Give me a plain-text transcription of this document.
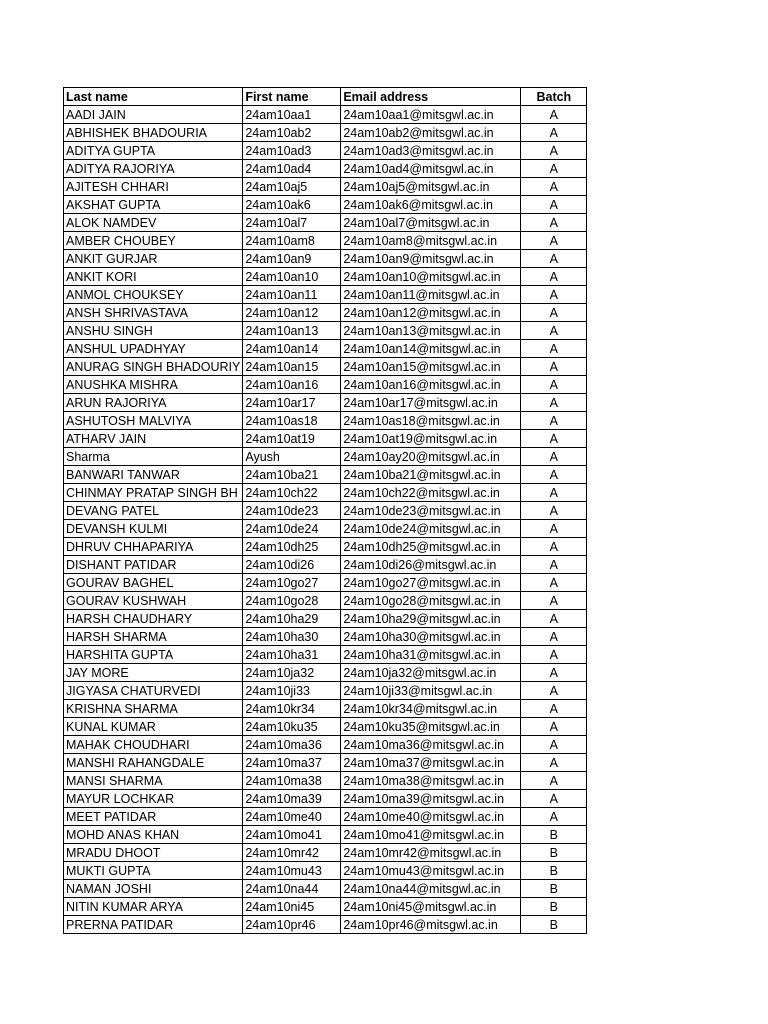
Last name	First name	Email address	Batch
AADI JAIN	24am10aa1	24am10aa1@mitsgwl.ac.in	A
ABHISHEK BHADOURIA	24am10ab2	24am10ab2@mitsgwl.ac.in	A
ADITYA GUPTA	24am10ad3	24am10ad3@mitsgwl.ac.in	A
ADITYA RAJORIYA	24am10ad4	24am10ad4@mitsgwl.ac.in	A
AJITESH CHHARI	24am10aj5	24am10aj5@mitsgwl.ac.in	A
AKSHAT GUPTA	24am10ak6	24am10ak6@mitsgwl.ac.in	A
ALOK NAMDEV	24am10al7	24am10al7@mitsgwl.ac.in	A
AMBER CHOUBEY	24am10am8	24am10am8@mitsgwl.ac.in	A
ANKIT GURJAR	24am10an9	24am10an9@mitsgwl.ac.in	A
ANKIT KORI	24am10an10	24am10an10@mitsgwl.ac.in	A
ANMOL CHOUKSEY	24am10an11	24am10an11@mitsgwl.ac.in	A
ANSH SHRIVASTAVA	24am10an12	24am10an12@mitsgwl.ac.in	A
ANSHU SINGH	24am10an13	24am10an13@mitsgwl.ac.in	A
ANSHUL UPADHYAY	24am10an14	24am10an14@mitsgwl.ac.in	A
ANURAG SINGH BHADOURIY	24am10an15	24am10an15@mitsgwl.ac.in	A
ANUSHKA MISHRA	24am10an16	24am10an16@mitsgwl.ac.in	A
ARUN RAJORIYA	24am10ar17	24am10ar17@mitsgwl.ac.in	A
ASHUTOSH MALVIYA	24am10as18	24am10as18@mitsgwl.ac.in	A
ATHARV JAIN	24am10at19	24am10at19@mitsgwl.ac.in	A
Sharma	Ayush	24am10ay20@mitsgwl.ac.in	A
BANWARI TANWAR	24am10ba21	24am10ba21@mitsgwl.ac.in	A
CHINMAY PRATAP SINGH BH	24am10ch22	24am10ch22@mitsgwl.ac.in	A
DEVANG PATEL	24am10de23	24am10de23@mitsgwl.ac.in	A
DEVANSH KULMI	24am10de24	24am10de24@mitsgwl.ac.in	A
DHRUV CHHAPARIYA	24am10dh25	24am10dh25@mitsgwl.ac.in	A
DISHANT PATIDAR	24am10di26	24am10di26@mitsgwl.ac.in	A
GOURAV BAGHEL	24am10go27	24am10go27@mitsgwl.ac.in	A
GOURAV KUSHWAH	24am10go28	24am10go28@mitsgwl.ac.in	A
HARSH CHAUDHARY	24am10ha29	24am10ha29@mitsgwl.ac.in	A
HARSH SHARMA	24am10ha30	24am10ha30@mitsgwl.ac.in	A
HARSHITA GUPTA	24am10ha31	24am10ha31@mitsgwl.ac.in	A
JAY MORE	24am10ja32	24am10ja32@mitsgwl.ac.in	A
JIGYASA CHATURVEDI	24am10ji33	24am10ji33@mitsgwl.ac.in	A
KRISHNA SHARMA	24am10kr34	24am10kr34@mitsgwl.ac.in	A
KUNAL KUMAR	24am10ku35	24am10ku35@mitsgwl.ac.in	A
MAHAK CHOUDHARI	24am10ma36	24am10ma36@mitsgwl.ac.in	A
MANSHI RAHANGDALE	24am10ma37	24am10ma37@mitsgwl.ac.in	A
MANSI SHARMA	24am10ma38	24am10ma38@mitsgwl.ac.in	A
MAYUR LOCHKAR	24am10ma39	24am10ma39@mitsgwl.ac.in	A
MEET PATIDAR	24am10me40	24am10me40@mitsgwl.ac.in	A
MOHD ANAS KHAN	24am10mo41	24am10mo41@mitsgwl.ac.in	B
MRADU DHOOT	24am10mr42	24am10mr42@mitsgwl.ac.in	B
MUKTI GUPTA	24am10mu43	24am10mu43@mitsgwl.ac.in	B
NAMAN JOSHI	24am10na44	24am10na44@mitsgwl.ac.in	B
NITIN KUMAR ARYA	24am10ni45	24am10ni45@mitsgwl.ac.in	B
PRERNA PATIDAR	24am10pr46	24am10pr46@mitsgwl.ac.in	B
